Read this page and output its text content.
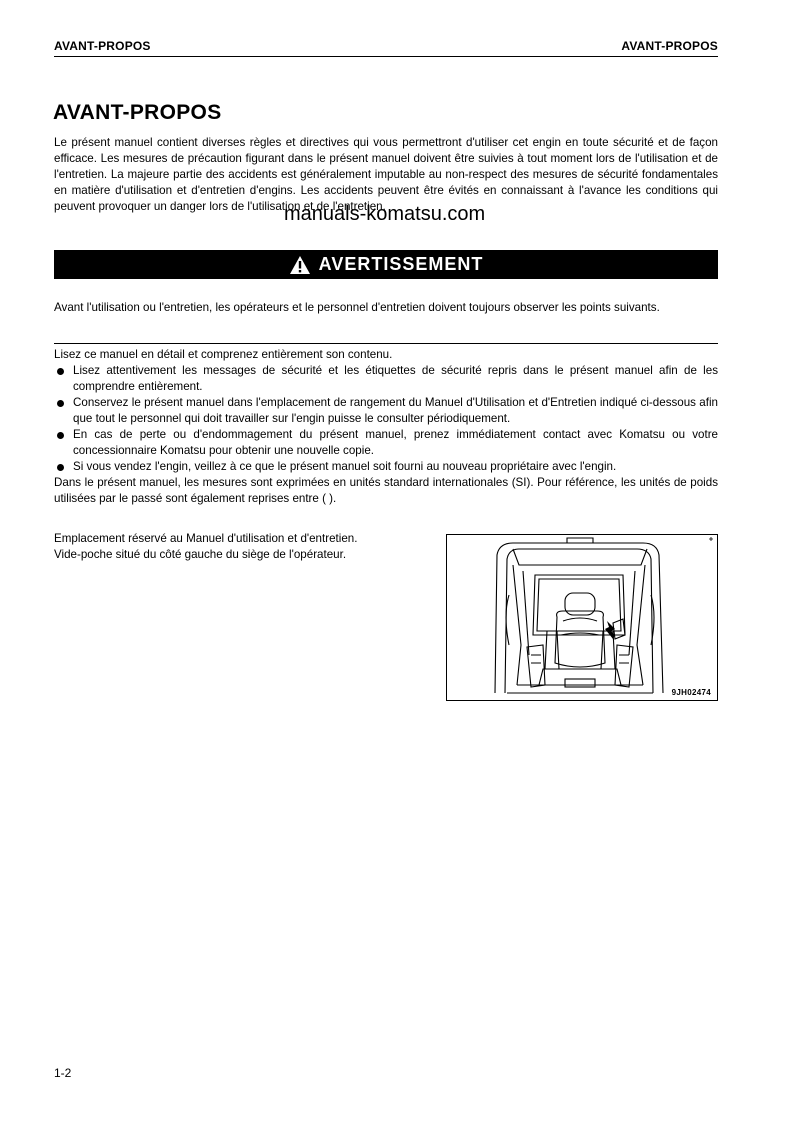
AVANT-PROPOS	AVANT-PROPOS
AVANT-PROPOS
Le présent manuel contient diverses règles et directives qui vous permettront d'utiliser cet engin en toute sécurité et de façon efficace. Les mesures de précaution figurant dans le présent manuel doivent être suivies à tout moment lors de l'utilisation et de l'entretien. La majeure partie des accidents est généralement imputable au non-respect des mesures de sécurité fondamentales en matière d'utilisation et d'entretien d'engins. Les accidents peuvent être évités en connaissant à l'avance les conditions qui peuvent provoquer un danger lors de l'utilisation et de l'entretien.
manuals-komatsu.com
AVERTISSEMENT
Avant l'utilisation ou l'entretien, les opérateurs et le personnel d'entretien doivent toujours observer les points suivants.
Lisez ce manuel en détail et comprenez entièrement son contenu.
Lisez attentivement les messages de sécurité et les étiquettes de sécurité repris dans le présent manuel afin de les comprendre entièrement.
Conservez le présent manuel dans l'emplacement de rangement du Manuel d'Utilisation et d'Entretien indiqué ci-dessous afin que tout le personnel qui doit travailler sur l'engin puisse le consulter périodiquement.
En cas de perte ou d'endommagement du présent manuel, prenez immédiatement contact avec Komatsu ou votre concessionnaire Komatsu pour obtenir une nouvelle copie.
Si vous vendez l'engin, veillez à ce que le présent manuel soit fourni au nouveau propriétaire avec l'engin.
Dans le présent manuel, les mesures sont exprimées en unités standard internationales (SI). Pour référence, les unités de poids utilisées par le passé sont également reprises entre ( ).
Emplacement réservé au Manuel d'utilisation et d'entretien.
Vide-poche situé du côté gauche du siège de l'opérateur.
9JH02474
1-2
